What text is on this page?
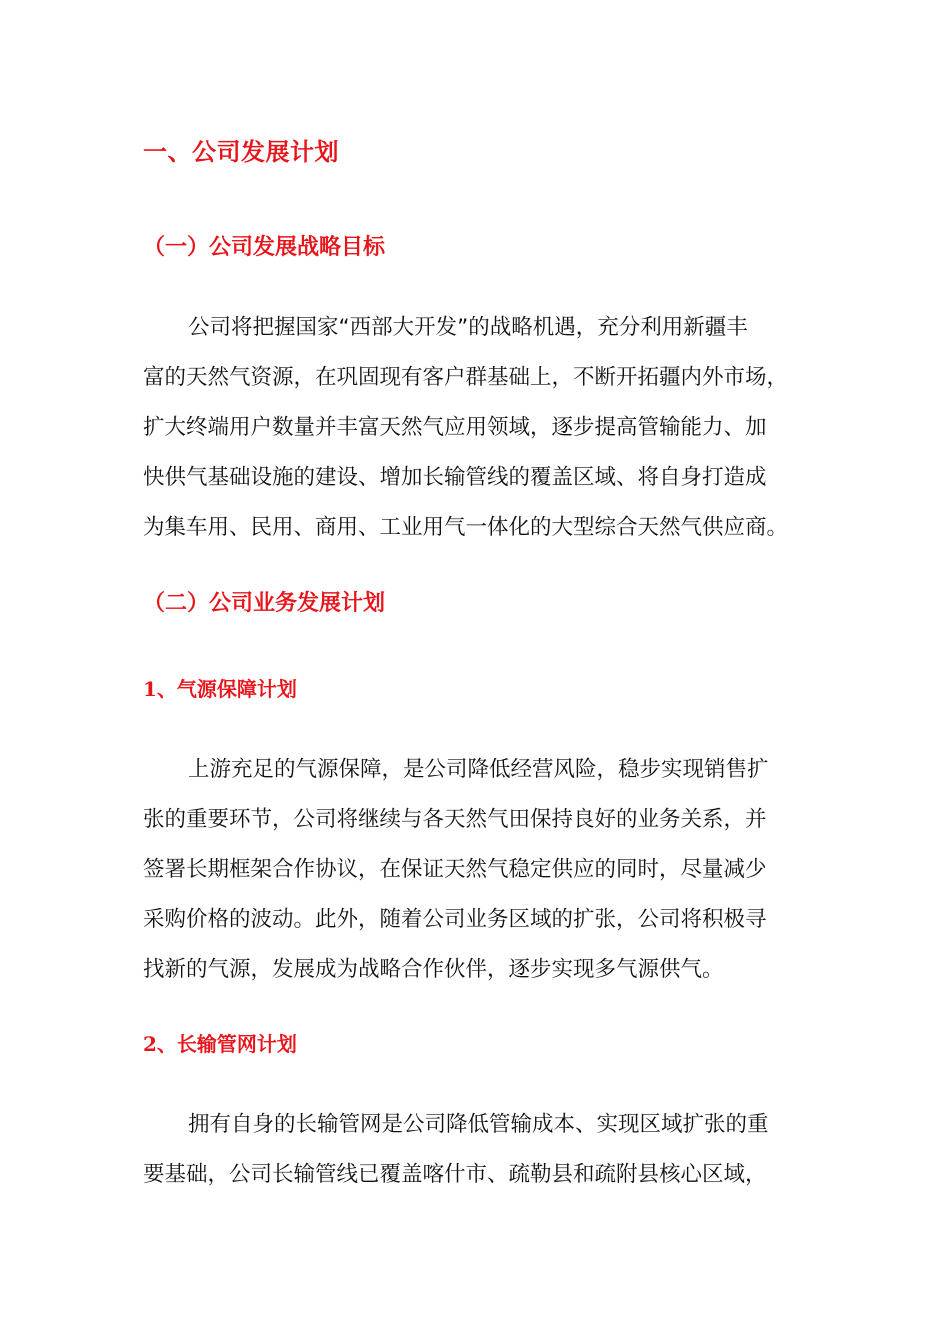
一、公司发展计划
（一）公司发展战略目标
公司将把握国家“西部大开发”的战略机遇，充分利用新疆丰
富的天然气资源，在巩固现有客户群基础上，不断开拓疆内外市场，
扩大终端用户数量并丰富天然气应用领域，逐步提高管输能力、加
快供气基础设施的建设、增加长输管线的覆盖区域、将自身打造成
为集车用、民用、商用、工业用气一体化的大型综合天然气供应商。
（二）公司业务发展计划
1、气源保障计划
上游充足的气源保障，是公司降低经营风险，稳步实现销售扩
张的重要环节，公司将继续与各天然气田保持良好的业务关系，并
签署长期框架合作协议，在保证天然气稳定供应的同时，尽量减少
采购价格的波动。此外，随着公司业务区域的扩张，公司将积极寻
找新的气源，发展成为战略合作伙伴，逐步实现多气源供气。
2、长输管网计划
拥有自身的长输管网是公司降低管输成本、实现区域扩张的重
要基础，公司长输管线已覆盖喀什市、疏勒县和疏附县核心区域，
